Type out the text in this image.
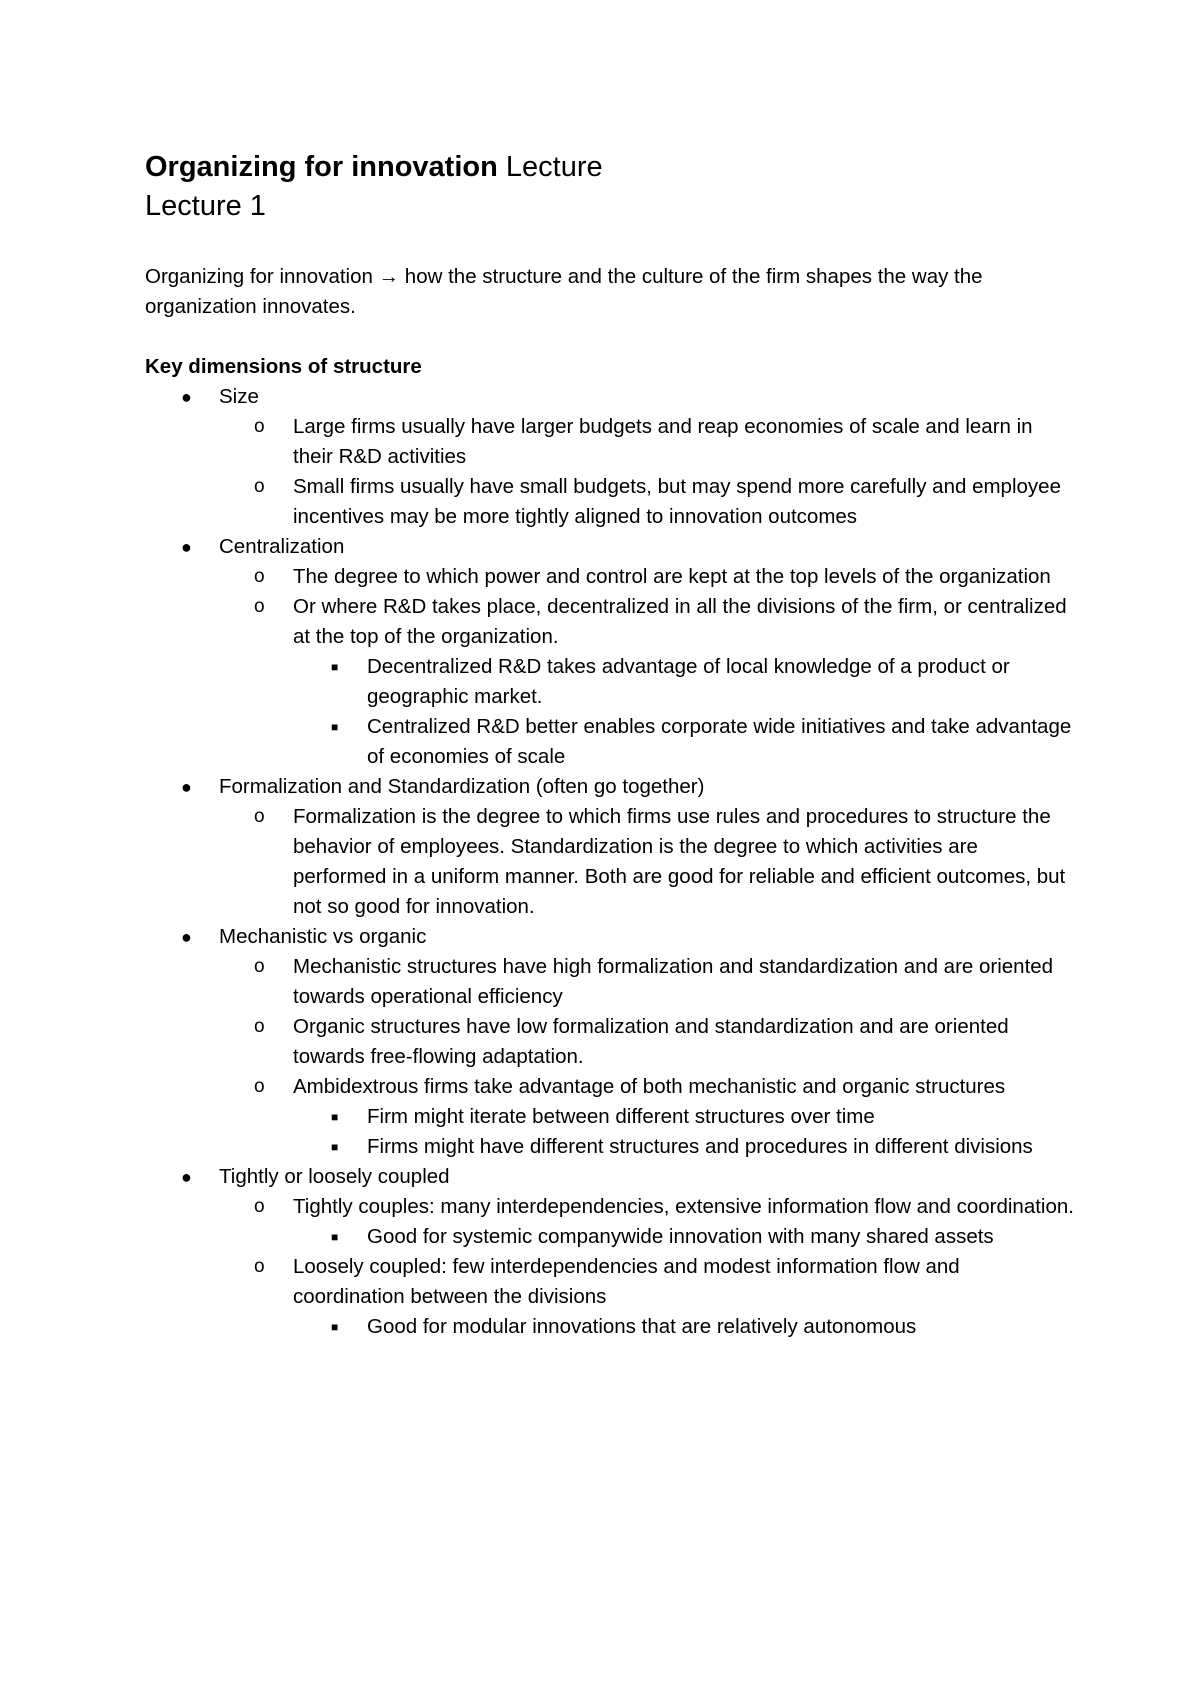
Organizing for innovation Lecture
Lecture 1

Organizing for innovation → how the structure and the culture of the firm shapes the way the organization innovates.

Key dimensions of structure

● Size
o Large firms usually have larger budgets and reap economies of scale and learn in their R&D activities
o Small firms usually have small budgets, but may spend more carefully and employee incentives may be more tightly aligned to innovation outcomes
● Centralization
o The degree to which power and control are kept at the top levels of the organization
o Or where R&D takes place, decentralized in all the divisions of the firm, or centralized at the top of the organization.
■ Decentralized R&D takes advantage of local knowledge of a product or geographic market.
■ Centralized R&D better enables corporate wide initiatives and take advantage of economies of scale
● Formalization and Standardization (often go together)
o Formalization is the degree to which firms use rules and procedures to structure the behavior of employees. Standardization is the degree to which activities are performed in a uniform manner. Both are good for reliable and efficient outcomes, but not so good for innovation.
● Mechanistic vs organic
o Mechanistic structures have high formalization and standardization and are oriented towards operational efficiency
o Organic structures have low formalization and standardization and are oriented towards free-flowing adaptation.
o Ambidextrous firms take advantage of both mechanistic and organic structures
■ Firm might iterate between different structures over time
■ Firms might have different structures and procedures in different divisions
● Tightly or loosely coupled
o Tightly couples: many interdependencies, extensive information flow and coordination.
■ Good for systemic companywide innovation with many shared assets
o Loosely coupled: few interdependencies and modest information flow and coordination between the divisions
■ Good for modular innovations that are relatively autonomous
